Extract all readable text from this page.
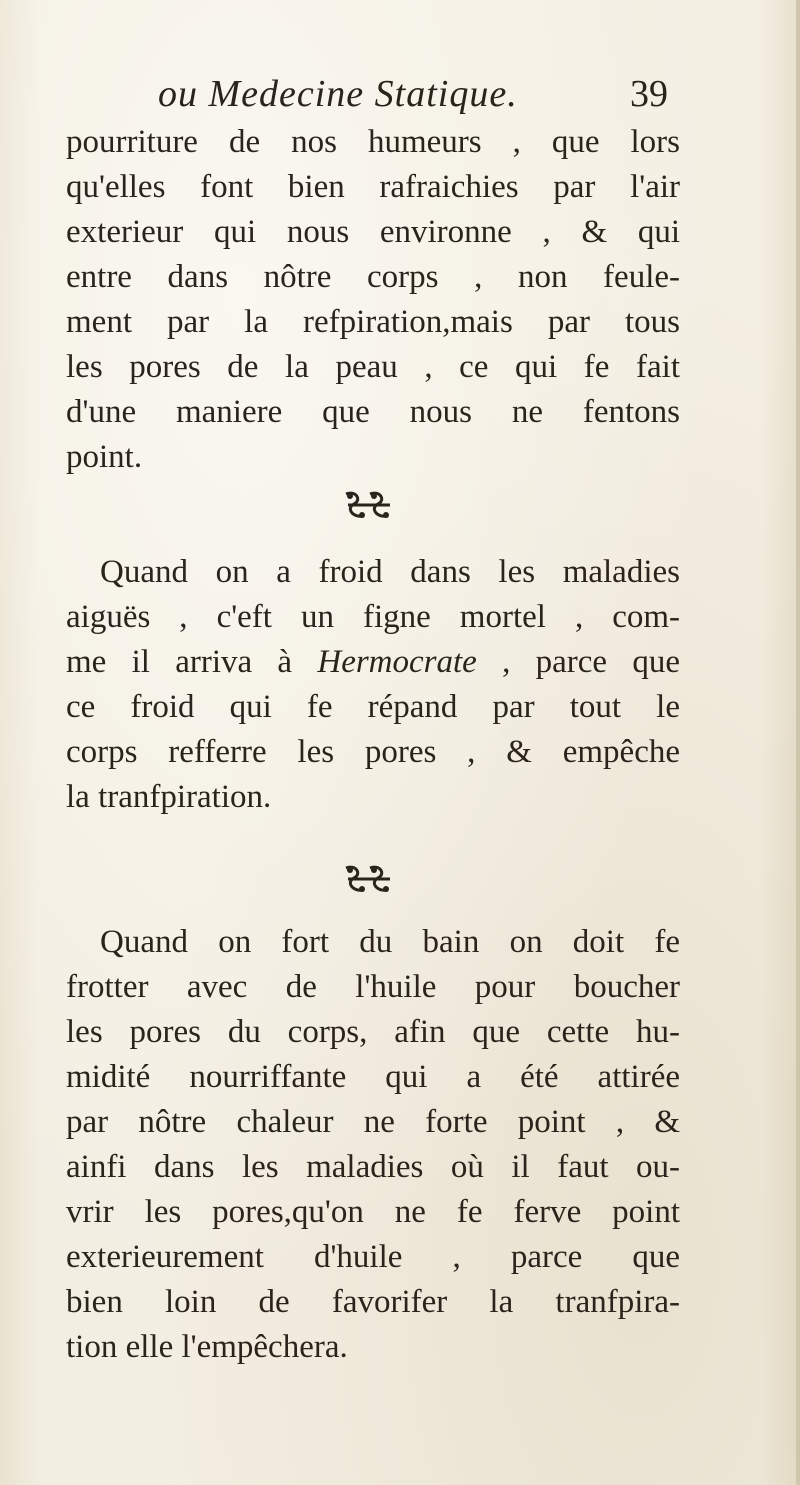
ou Medecine Statique.	39
pourriture de nos humeurs , que lors
qu'elles font bien rafraichies par l'air
exterieur qui nous environne , & qui
entre dans nôtre corps , non feule-
ment par la refpiration,mais par tous
les pores de la peau , ce qui fe fait
d'une maniere que nous ne fentons
point.
Quand on a froid dans les maladies
aiguës , c'eft un figne mortel , com-
me il arriva à Hermocrate , parce que
ce froid qui fe répand par tout le
corps refferre les pores , & empêche
la tranfpiration.
Quand on fort du bain on doit fe
frotter avec de l'huile pour boucher
les pores du corps, afin que cette hu-
midité nourriffante qui a été attirée
par nôtre chaleur ne forte point , &
ainfi dans les maladies où il faut ou-
vrir les pores,qu'on ne fe ferve point
exterieurement d'huile , parce que
bien loin de favorifer la tranfpira-
tion elle l'empêchera.
